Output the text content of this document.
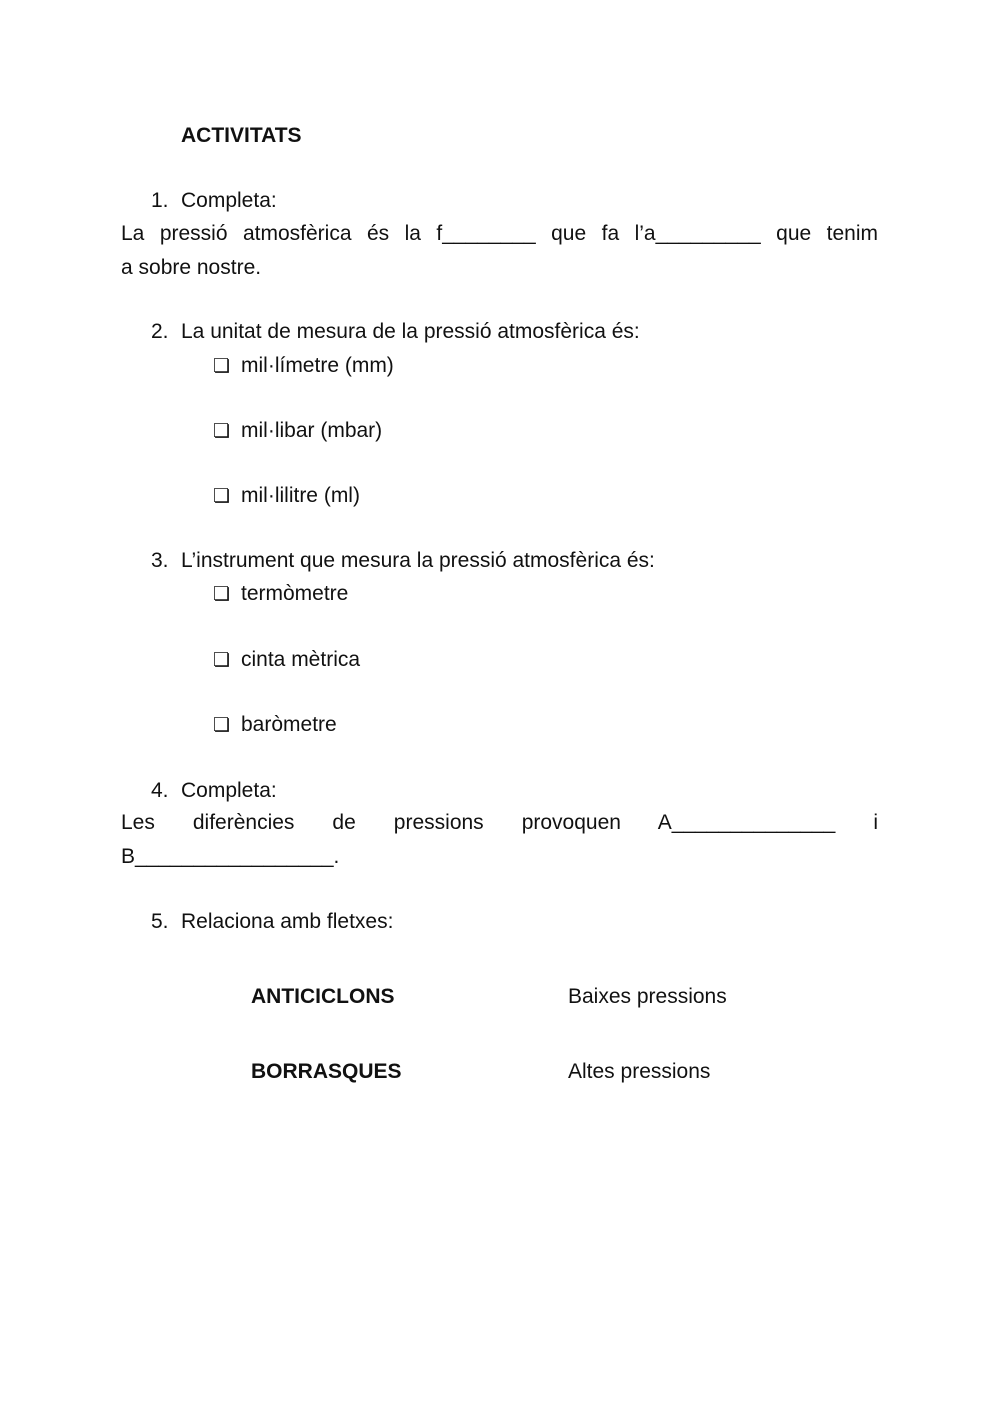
ACTIVITATS
1. Completa:
La pressió atmosfèrica és la f________ que fa l’a_________ que tenim
a sobre nostre.
2. La unitat de mesura de la pressió atmosfèrica és:
❏ mil·límetre (mm)
❏ mil·libar (mbar)
❏ mil·lilitre (ml)
3. L’instrument que mesura la pressió atmosfèrica és:
❏ termòmetre
❏ cinta mètrica
❏ baròmetre
4. Completa:
Les diferències de pressions provoquen A______________ i
B_________________.
5. Relaciona amb fletxes:
ANTICICLONS	Baixes pressions
BORRASQUES	Altes pressions
